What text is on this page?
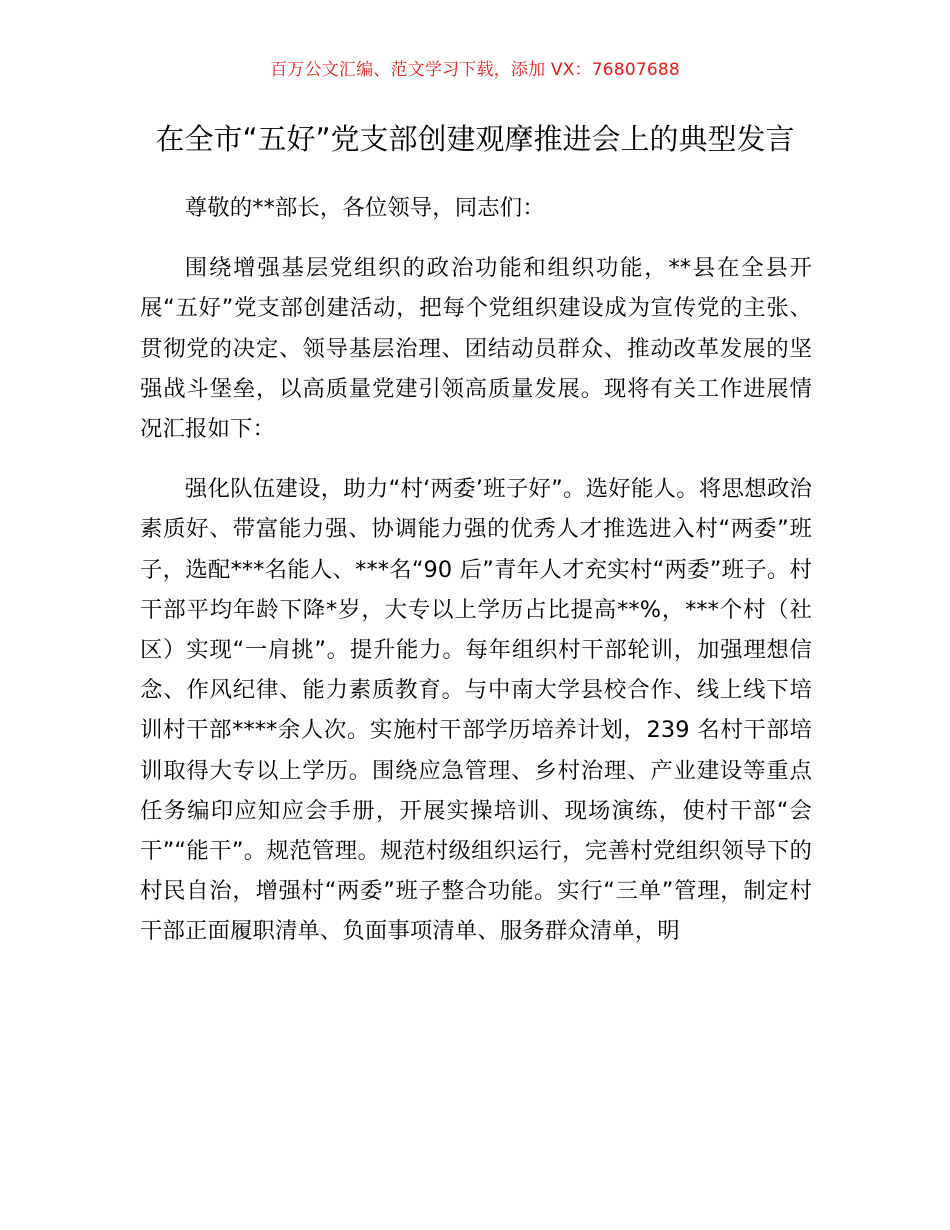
百万公文汇编、范文学习下载，添加 VX：76807688
在全市“五好”党支部创建观摩推进会上的典型发言

尊敬的**部长，各位领导，同志们：

围绕增强基层党组织的政治功能和组织功能，**县在全县开展“五好”党支部创建活动，把每个党组织建设成为宣传党的主张、贯彻党的决定、领导基层治理、团结动员群众、推动改革发展的坚强战斗堡垒，以高质量党建引领高质量发展。现将有关工作进展情况汇报如下：

强化队伍建设，助力“村‘两委’班子好”。选好能人。将思想政治素质好、带富能力强、协调能力强的优秀人才推选进入村“两委”班子，选配***名能人、***名“90 后”青年人才充实村“两委”班子。村干部平均年龄下降*岁，大专以上学历占比提高**%，***个村（社区）实现“一肩挑”。提升能力。每年组织村干部轮训，加强理想信念、作风纪律、能力素质教育。与中南大学县校合作、线上线下培训村干部****余人次。实施村干部学历培养计划，239 名村干部培训取得大专以上学历。围绕应急管理、乡村治理、产业建设等重点任务编印应知应会手册，开展实操培训、现场演练，使村干部“会干”“能干”。规范管理。规范村级组织运行，完善村党组织领导下的村民自治，增强村“两委”班子整合功能。实行“三单”管理，制定村干部正面履职清单、负面事项清单、服务群众清单，明
